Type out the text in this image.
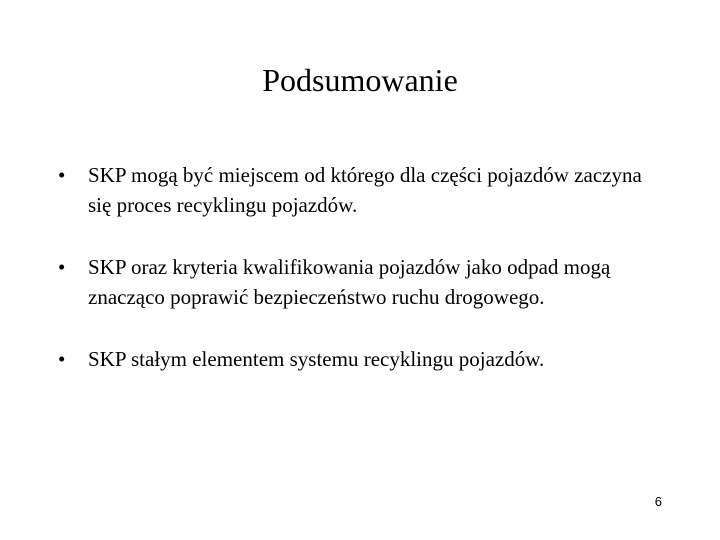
Podsumowanie
• SKP mogą być miejscem od którego dla części pojazdów zaczyna się proces recyklingu pojazdów.
• SKP oraz kryteria kwalifikowania pojazdów jako odpad mogą znacząco poprawić bezpieczeństwo ruchu drogowego.
• SKP stałym elementem systemu recyklingu pojazdów.
6
